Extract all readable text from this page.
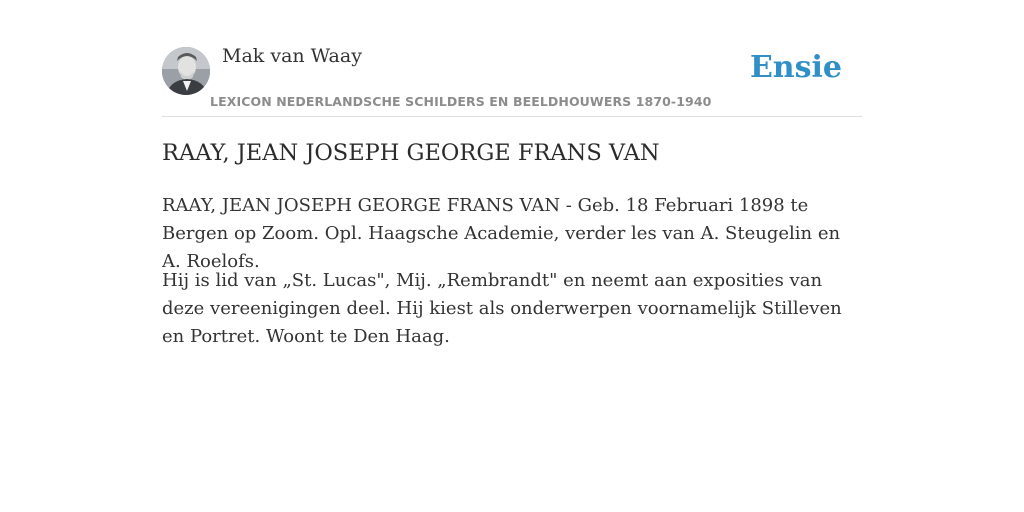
Mak van Waay
LEXICON NEDERLANDSCHE SCHILDERS EN BEELDHOUWERS 1870-1940
Ensie
RAAY, JEAN JOSEPH GEORGE FRANS VAN

RAAY, JEAN JOSEPH GEORGE FRANS VAN - Geb. 18 Februari 1898 te Bergen op Zoom. Opl. Haagsche Academie, verder les van A. Steugelin en A. Roelofs.

Hij is lid van „St. Lucas", Mij. „Rembrandt" en neemt aan exposities van deze vereenigingen deel. Hij kiest als onderwerpen voornamelijk Stilleven en Portret. Woont te Den Haag.
